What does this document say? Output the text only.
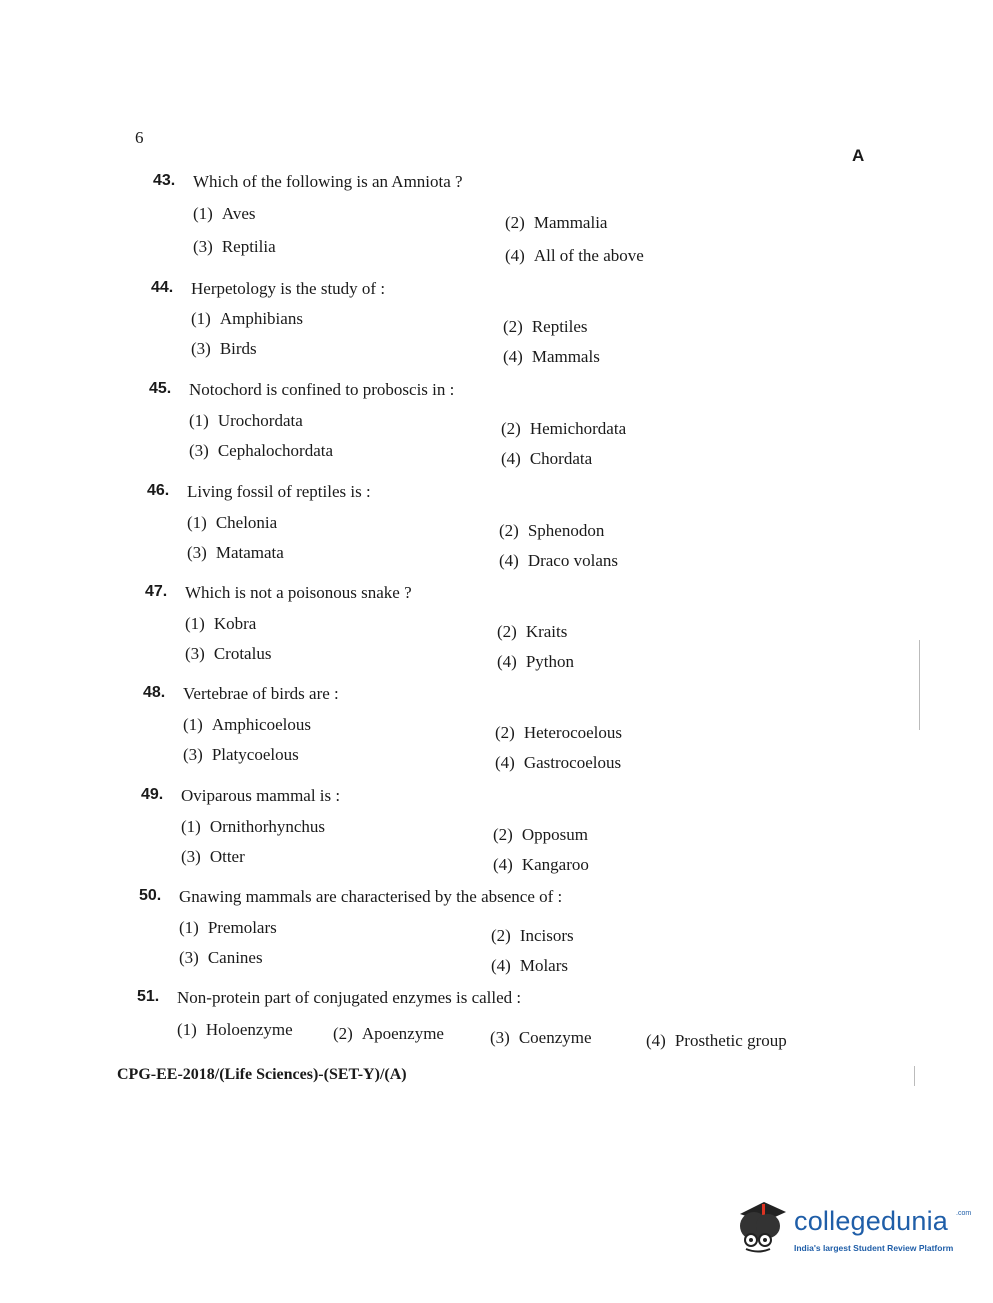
6
A
43. Which of the following is an Amniota ?
(1) Aves	(2) Mammalia
(3) Reptilia	(4) All of the above
44. Herpetology is the study of :
(1) Amphibians	(2) Reptiles
(3) Birds	(4) Mammals
45. Notochord is confined to proboscis in :
(1) Urochordata	(2) Hemichordata
(3) Cephalochordata	(4) Chordata
46. Living fossil of reptiles is :
(1) Chelonia	(2) Sphenodon
(3) Matamata	(4) Draco volans
47. Which is not a poisonous snake ?
(1) Kobra	(2) Kraits
(3) Crotalus	(4) Python
48. Vertebrae of birds are :
(1) Amphicoelous	(2) Heterocoelous
(3) Platycoelous	(4) Gastrocoelous
49. Oviparous mammal is :
(1) Ornithorhynchus	(2) Opposum
(3) Otter	(4) Kangaroo
50. Gnawing mammals are characterised by the absence of :
(1) Premolars	(2) Incisors
(3) Canines	(4) Molars
51. Non-protein part of conjugated enzymes is called :
(1) Holoenzyme (2) Apoenzyme	(3) Coenzyme	(4) Prosthetic group
CPG-EE-2018/(Life Sciences)-(SET-Y)/(A)
collegedunia .com
India's largest Student Review Platform
